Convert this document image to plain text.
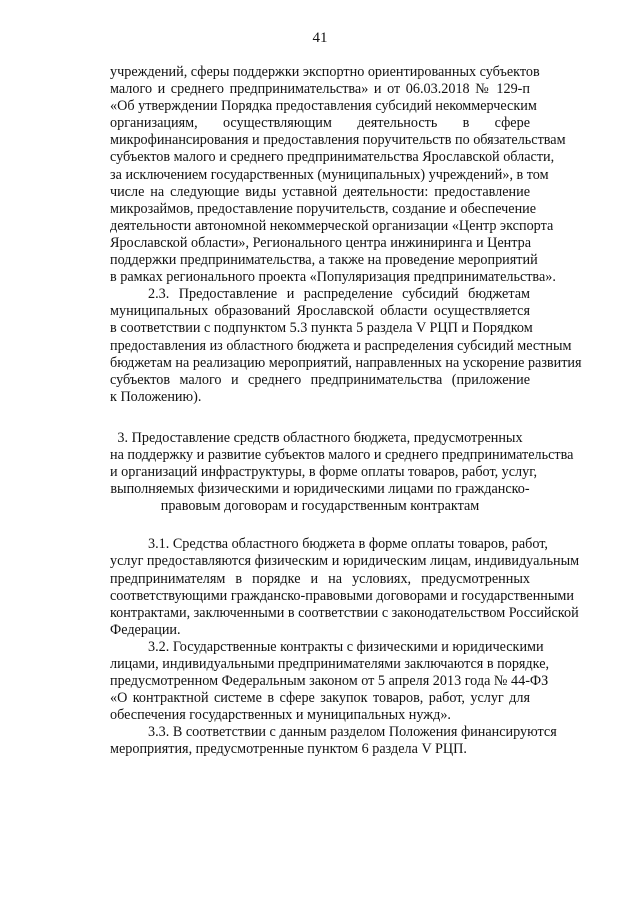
41

учреждений, сферы поддержки экспортно ориентированных субъектов
малого и среднего предпринимательства» и от 06.03.2018 № 129-п
«Об утверждении Порядка предоставления субсидий некоммерческим
организациям, осуществляющим деятельность в сфере
микрофинансирования и предоставления поручительств по обязательствам
субъектов малого и среднего предпринимательства Ярославской области,
за исключением государственных (муниципальных) учреждений», в том
числе на следующие виды уставной деятельности: предоставление
микрозаймов, предоставление поручительств, создание и обеспечение
деятельности автономной некоммерческой организации «Центр экспорта
Ярославской области», Регионального центра инжиниринга и Центра
поддержки предпринимательства, а также на проведение мероприятий
в рамках регионального проекта «Популяризация предпринимательства».

2.3. Предоставление и распределение субсидий бюджетам
муниципальных образований Ярославской области осуществляется
в соответствии с подпунктом 5.3 пункта 5 раздела V РЦП и Порядком
предоставления из областного бюджета и распределения субсидий местным
бюджетам на реализацию мероприятий, направленных на ускорение развития
субъектов малого и среднего предпринимательства (приложение
к Положению).

3. Предоставление средств областного бюджета, предусмотренных
на поддержку и развитие субъектов малого и среднего предпринимательства
и организаций инфраструктуры, в форме оплаты товаров, работ, услуг,
выполняемых физическими и юридическими лицами по гражданско-
правовым договорам и государственным контрактам

3.1. Средства областного бюджета в форме оплаты товаров, работ,
услуг предоставляются физическим и юридическим лицам, индивидуальным
предпринимателям в порядке и на условиях, предусмотренных
соответствующими гражданско-правовыми договорами и государственными
контрактами, заключенными в соответствии с законодательством Российской
Федерации.

3.2. Государственные контракты с физическими и юридическими
лицами, индивидуальными предпринимателями заключаются в порядке,
предусмотренном Федеральным законом от 5 апреля 2013 года № 44-ФЗ
«О контрактной системе в сфере закупок товаров, работ, услуг для
обеспечения государственных и муниципальных нужд».

3.3. В соответствии с данным разделом Положения финансируются
мероприятия, предусмотренные пунктом 6 раздела V РЦП.
